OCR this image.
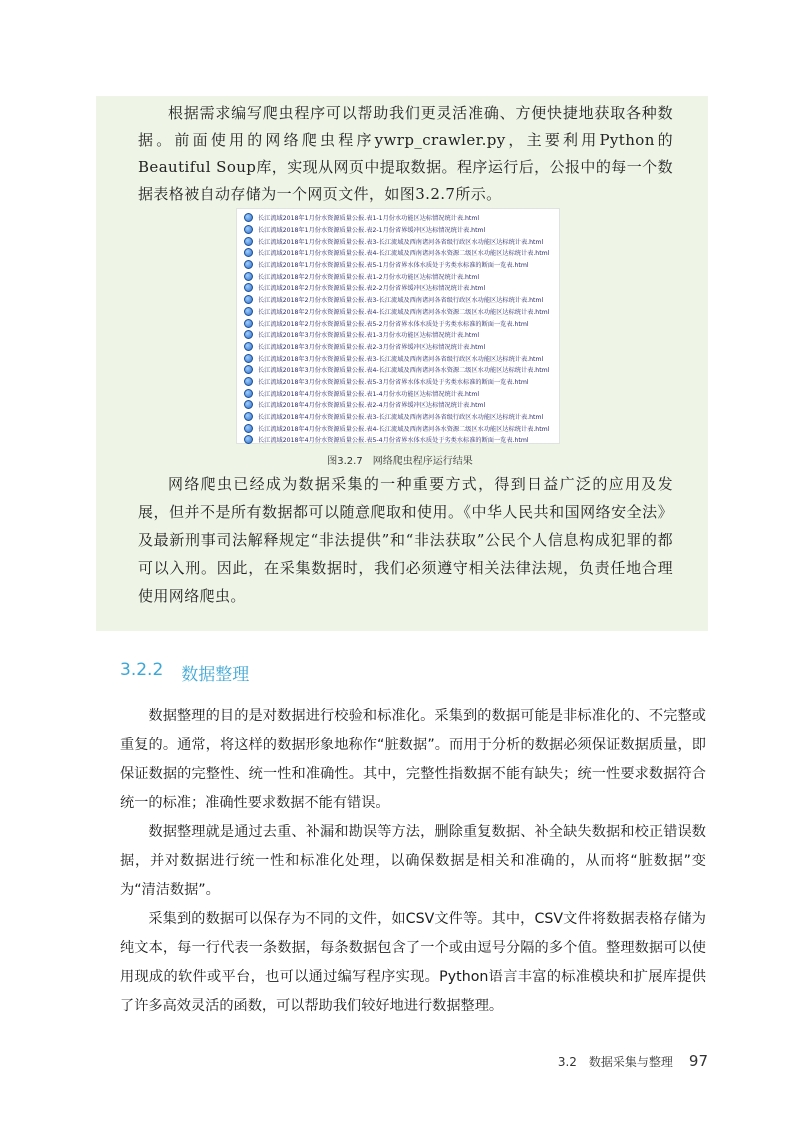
根据需求编写爬虫程序可以帮助我们更灵活准确、方便快捷地获取各种数据。前面使用的网络爬虫程序ywrp_crawler.py，主要利用Python的Beautiful Soup库，实现从网页中提取数据。程序运行后，公报中的每一个数据表格被自动存储为一个网页文件，如图3.2.7所示。

长江流域2018年1月份水资源质量公报.表1-1月份水功能区达标情况统计表.html
长江流域2018年1月份水资源质量公报.表2-1月份省界缓冲区达标情况统计表.html
长江流域2018年1月份水资源质量公报.表3-长江流域及西南诸河各省级行政区水功能区达标统计表.html
长江流域2018年1月份水资源质量公报.表4-长江流域及西南诸河各水资源二级区水功能区达标统计表.html
长江流域2018年1月份水资源质量公报.表5-1月份省界水体水质处于劣类水标准的断面一览表.html
长江流域2018年2月份水资源质量公报.表1-2月份水功能区达标情况统计表.html
长江流域2018年2月份水资源质量公报.表2-2月份省界缓冲区达标情况统计表.html
长江流域2018年2月份水资源质量公报.表3-长江流域及西南诸河各省级行政区水功能区达标统计表.html
长江流域2018年2月份水资源质量公报.表4-长江流域及西南诸河各水资源二级区水功能区达标统计表.html
长江流域2018年2月份水资源质量公报.表5-2月份省界水体水质处于劣类水标准的断面一览表.html
长江流域2018年3月份水资源质量公报.表1-3月份水功能区达标情况统计表.html
长江流域2018年3月份水资源质量公报.表2-3月份省界缓冲区达标情况统计表.html
长江流域2018年3月份水资源质量公报.表3-长江流域及西南诸河各省级行政区水功能区达标统计表.html
长江流域2018年3月份水资源质量公报.表4-长江流域及西南诸河各水资源二级区水功能区达标统计表.html
长江流域2018年3月份水资源质量公报.表5-3月份省界水体水质处于劣类水标准的断面一览表.html
长江流域2018年4月份水资源质量公报.表1-4月份水功能区达标情况统计表.html
长江流域2018年4月份水资源质量公报.表2-4月份省界缓冲区达标情况统计表.html
长江流域2018年4月份水资源质量公报.表3-长江流域及西南诸河各省级行政区水功能区达标统计表.html
长江流域2018年4月份水资源质量公报.表4-长江流域及西南诸河各水资源二级区水功能区达标统计表.html
长江流域2018年4月份水资源质量公报.表5-4月份省界水体水质处于劣类水标准的断面一览表.html
图3.2.7　网络爬虫程序运行结果

网络爬虫已经成为数据采集的一种重要方式，得到日益广泛的应用及发展，但并不是所有数据都可以随意爬取和使用。《中华人民共和国网络安全法》及最新刑事司法解释规定“非法提供”和“非法获取”公民个人信息构成犯罪的都可以入刑。因此，在采集数据时，我们必须遵守相关法律法规，负责任地合理使用网络爬虫。

3.2.2 数据整理

数据整理的目的是对数据进行校验和标准化。采集到的数据可能是非标准化的、不完整或重复的。通常，将这样的数据形象地称作“脏数据”。而用于分析的数据必须保证数据质量，即保证数据的完整性、统一性和准确性。其中，完整性指数据不能有缺失；统一性要求数据符合统一的标准；准确性要求数据不能有错误。

数据整理就是通过去重、补漏和勘误等方法，删除重复数据、补全缺失数据和校正错误数据，并对数据进行统一性和标准化处理，以确保数据是相关和准确的，从而将“脏数据”变为“清洁数据”。

采集到的数据可以保存为不同的文件，如CSV文件等。其中，CSV文件将数据表格存储为纯文本，每一行代表一条数据，每条数据包含了一个或由逗号分隔的多个值。整理数据可以使用现成的软件或平台，也可以通过编写程序实现。Python语言丰富的标准模块和扩展库提供了许多高效灵活的函数，可以帮助我们较好地进行数据整理。

3.2　数据采集与整理 97
